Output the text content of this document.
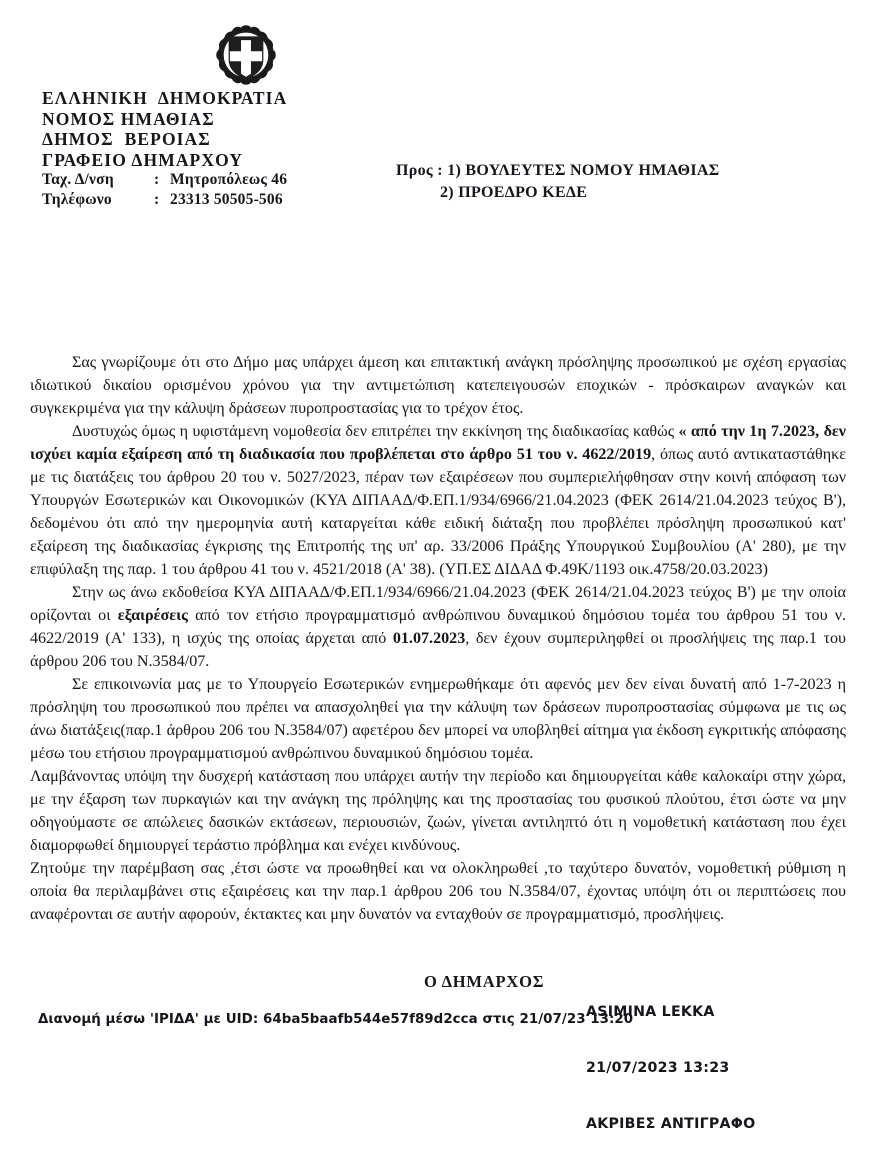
ΕΛΛΗΝΙΚΗ  ΔΗΜΟΚΡΑΤΙΑ
ΝΟΜΟΣ ΗΜΑΘΙΑΣ
ΔΗΜΟΣ  ΒΕΡΟΙΑΣ
ΓΡΑΦΕΙΟ ΔΗΜΑΡΧΟΥ
Ταχ. Δ/νση	: Μητροπόλεως 46
Τηλέφωνο	: 23313 50505-506
Προς : 1) ΒΟΥΛΕΥΤΕΣ ΝΟΜΟΥ ΗΜΑΘΙΑΣ
2) ΠΡΟΕΔΡΟ ΚΕΔΕ

Σας γνωρίζουμε ότι στο Δήμο μας υπάρχει άμεση και επιτακτική ανάγκη πρόσληψης προσωπικού με σχέση εργασίας ιδιωτικού δικαίου ορισμένου χρόνου για την αντιμετώπιση κατεπειγουσών εποχικών - πρόσκαιρων αναγκών και συγκεκριμένα για την κάλυψη δράσεων πυροπροστασίας για το τρέχον έτος.

Δυστυχώς όμως η υφιστάμενη νομοθεσία δεν επιτρέπει την εκκίνηση της διαδικασίας καθώς « από την 1η 7.2023, δεν ισχύει καμία εξαίρεση από τη διαδικασία που προβλέπεται στο άρθρο 51 του ν. 4622/2019, όπως αυτό αντικαταστάθηκε με τις διατάξεις του άρθρου 20 του ν. 5027/2023, πέραν των εξαιρέσεων που συμπεριελήφθησαν στην κοινή απόφαση των Υπουργών Εσωτερικών και Οικονομικών (ΚΥΑ ΔΙΠΑΑΔ/Φ.ΕΠ.1/934/6966/21.04.2023 (ΦΕΚ 2614/21.04.2023 τεύχος Β'), δεδομένου ότι από την ημερομηνία αυτή καταργείται κάθε ειδική διάταξη που προβλέπει πρόσληψη προσωπικού κατ' εξαίρεση της διαδικασίας έγκρισης της Επιτροπής της υπ' αρ. 33/2006 Πράξης Υπουργικού Συμβουλίου (Α' 280), με την επιφύλαξη της παρ. 1 του άρθρου 41 του ν. 4521/2018 (Α' 38). (ΥΠ.ΕΣ ΔΙΔΑΔ Φ.49Κ/1193 οικ.4758/20.03.2023)

Στην ως άνω εκδοθείσα ΚΥΑ ΔΙΠΑΑΔ/Φ.ΕΠ.1/934/6966/21.04.2023 (ΦΕΚ 2614/21.04.2023 τεύχος Β') με την οποία ορίζονται οι εξαιρέσεις από τον ετήσιο προγραμματισμό ανθρώπινου δυναμικού δημόσιου τομέα του άρθρου 51 του ν. 4622/2019 (Α' 133), η ισχύς της οποίας άρχεται από 01.07.2023, δεν έχουν συμπεριληφθεί οι προσλήψεις της παρ.1 του άρθρου 206 του Ν.3584/07.

Σε επικοινωνία μας με το Υπουργείο Εσωτερικών ενημερωθήκαμε ότι αφενός μεν δεν είναι δυνατή από 1-7-2023 η πρόσληψη του προσωπικού που πρέπει να απασχοληθεί για την κάλυψη των δράσεων πυροπροστασίας σύμφωνα με τις ως άνω διατάξεις(παρ.1 άρθρου 206 του Ν.3584/07) αφετέρου δεν μπορεί να υποβληθεί αίτημα για έκδοση εγκριτικής απόφασης μέσω του ετήσιου προγραμματισμού ανθρώπινου δυναμικού δημόσιου τομέα.

Λαμβάνοντας υπόψη την δυσχερή κατάσταση που υπάρχει αυτήν την περίοδο και δημιουργείται κάθε καλοκαίρι στην χώρα, με την έξαρση των πυρκαγιών και την ανάγκη της πρόληψης και της προστασίας του φυσικού πλούτου, έτσι ώστε να μην οδηγούμαστε σε απώλειες δασικών εκτάσεων, περιουσιών, ζωών, γίνεται αντιληπτό ότι η νομοθετική κατάσταση που έχει διαμορφωθεί δημιουργεί τεράστιο πρόβλημα και ενέχει κινδύνους.

Ζητούμε την παρέμβαση σας ,έτσι ώστε να προωθηθεί και να ολοκληρωθεί ,το ταχύτερο δυνατόν, νομοθετική ρύθμιση η οποία θα περιλαμβάνει στις εξαιρέσεις και την παρ.1 άρθρου 206 του Ν.3584/07, έχοντας υπόψη ότι οι περιπτώσεις που αναφέρονται σε αυτήν αφορούν, έκτακτες και μην δυνατόν να ενταχθούν σε προγραμματισμό, προσλήψεις.

Ο ΔΗΜΑΡΧΟΣ

ASIMINA LEKKA

21/07/2023 13:23

ΑΚΡΙΒΕΣ ΑΝΤΙΓΡΑΦΟ

Διανομή μέσω 'ΙΡΙΔΑ' με UID: 64ba5baafb544e57f89d2cca στις 21/07/23 13:20
